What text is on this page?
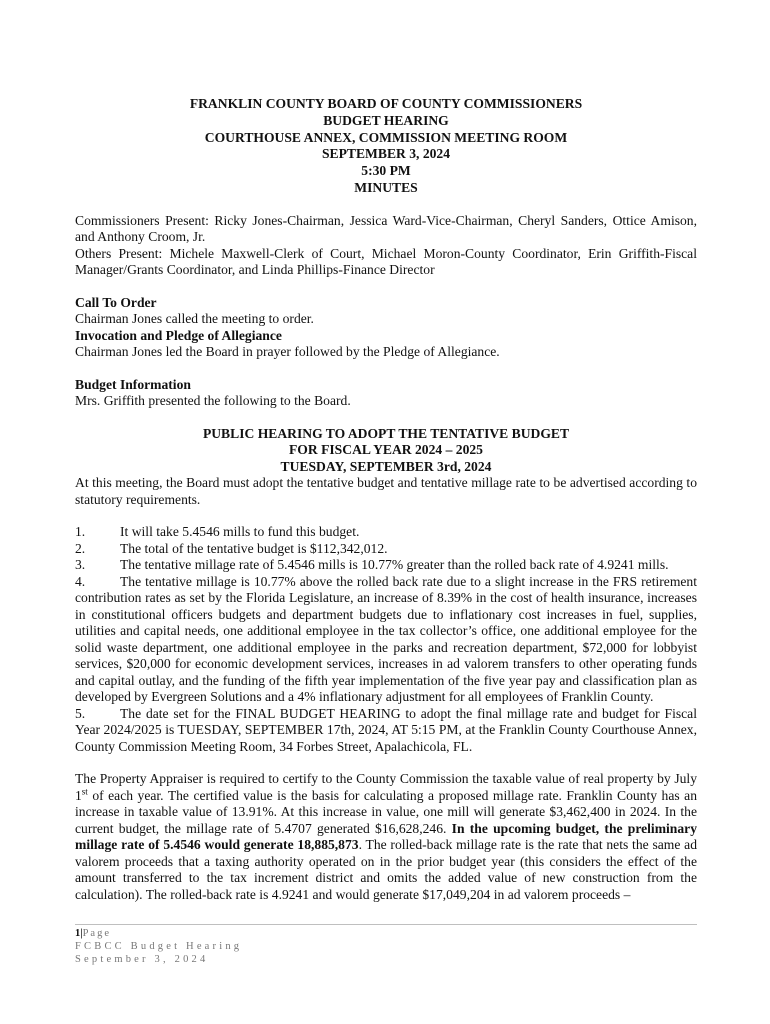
FRANKLIN COUNTY BOARD OF COUNTY COMMISSIONERS
BUDGET HEARING
COURTHOUSE ANNEX, COMMISSION MEETING ROOM
SEPTEMBER 3, 2024
5:30 PM
MINUTES

Commissioners Present: Ricky Jones-Chairman, Jessica Ward-Vice-Chairman, Cheryl Sanders, Ottice Amison, and Anthony Croom, Jr.

Others Present: Michele Maxwell-Clerk of Court, Michael Moron-County Coordinator, Erin Griffith-Fiscal Manager/Grants Coordinator, and Linda Phillips-Finance Director

Call To Order

Chairman Jones called the meeting to order.

Invocation and Pledge of Allegiance

Chairman Jones led the Board in prayer followed by the Pledge of Allegiance.

Budget Information

Mrs. Griffith presented the following to the Board.

PUBLIC HEARING TO ADOPT THE TENTATIVE BUDGET
FOR FISCAL YEAR 2024 – 2025
TUESDAY, SEPTEMBER 3rd, 2024

At this meeting, the Board must adopt the tentative budget and tentative millage rate to be advertised according to statutory requirements.

1.	It will take 5.4546 mills to fund this budget.
2.	The total of the tentative budget is $112,342,012.
3.	The tentative millage rate of 5.4546 mills is 10.77% greater than the rolled back rate of 4.9241 mills.
4.	The tentative millage is 10.77% above the rolled back rate due to a slight increase in the FRS retirement contribution rates as set by the Florida Legislature, an increase of 8.39% in the cost of health insurance, increases in constitutional officers budgets and department budgets due to inflationary cost increases in fuel, supplies, utilities and capital needs, one additional employee in the tax collector’s office, one additional employee for the solid waste department, one additional employee in the parks and recreation department, $72,000 for lobbyist services, $20,000 for economic development services, increases in ad valorem transfers to other operating funds and capital outlay, and the funding of the fifth year implementation of the five year pay and classification plan as developed by Evergreen Solutions and a 4% inflationary adjustment for all employees of Franklin County.
5.	The date set for the FINAL BUDGET HEARING to adopt the final millage rate and budget for Fiscal Year 2024/2025 is TUESDAY, SEPTEMBER 17th, 2024, AT 5:15 PM, at the Franklin County Courthouse Annex, County Commission Meeting Room, 34 Forbes Street, Apalachicola, FL.

The Property Appraiser is required to certify to the County Commission the taxable value of real property by July 1st of each year. The certified value is the basis for calculating a proposed millage rate. Franklin County has an increase in taxable value of 13.91%. At this increase in value, one mill will generate $3,462,400 in 2024. In the current budget, the millage rate of 5.4707 generated $16,628,246. In the upcoming budget, the preliminary millage rate of 5.4546 would generate 18,885,873. The rolled-back millage rate is the rate that nets the same ad valorem proceeds that a taxing authority operated on in the prior budget year (this considers the effect of the amount transferred to the tax increment district and omits the added value of new construction from the calculation). The rolled-back rate is 4.9241 and would generate $17,049,204 in ad valorem proceeds –

1|Page
FCBCC Budget Hearing
September 3, 2024
